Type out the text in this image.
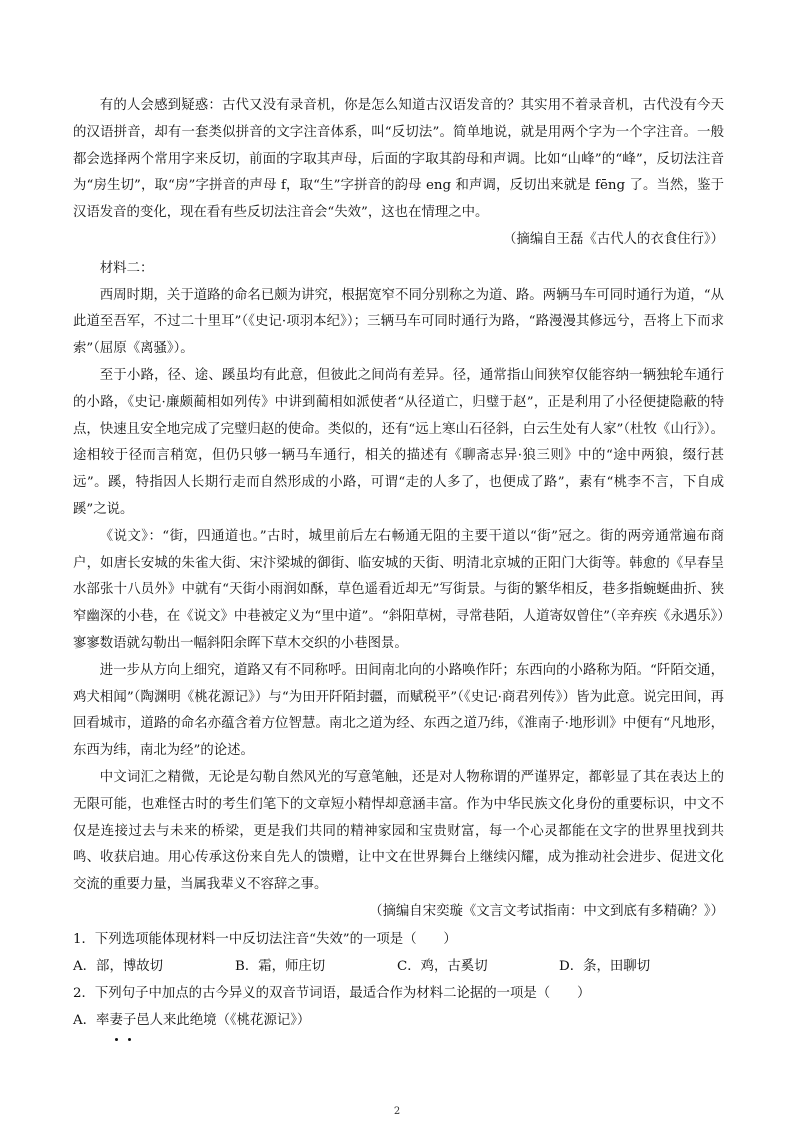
有的人会感到疑惑：古代又没有录音机，你是怎么知道古汉语发音的？其实用不着录音机，古代没有今天的汉语拼音，却有一套类似拼音的文字注音体系，叫“反切法”。简单地说，就是用两个字为一个字注音。一般都会选择两个常用字来反切，前面的字取其声母，后面的字取其韵母和声调。比如“山峰”的“峰”，反切法注音为“房生切”，取“房”字拼音的声母 f，取“生”字拼音的韵母 eng 和声调，反切出来就是 fēng 了。当然，鉴于汉语发音的变化，现在看有些反切法注音会“失效”，这也在情理之中。

（摘编自王磊《古代人的衣食住行》）

材料二：

西周时期，关于道路的命名已颇为讲究，根据宽窄不同分别称之为道、路。两辆马车可同时通行为道，“从此道至吾军，不过二十里耳”（《史记·项羽本纪》）；三辆马车可同时通行为路，“路漫漫其修远兮，吾将上下而求索”（屈原《离骚》）。

至于小路，径、途、蹊虽均有此意，但彼此之间尚有差异。径，通常指山间狭窄仅能容纳一辆独轮车通行的小路，《史记·廉颇蔺相如列传》中讲到蔺相如派使者“从径道亡，归璧于赵”，正是利用了小径便捷隐蔽的特点，快速且安全地完成了完璧归赵的使命。类似的，还有“远上寒山石径斜，白云生处有人家”（杜牧《山行》）。途相较于径而言稍宽，但仍只够一辆马车通行，相关的描述有《聊斋志异·狼三则》中的“途中两狼，缀行甚远”。蹊，特指因人长期行走而自然形成的小路，可谓“走的人多了，也便成了路”，素有“桃李不言，下自成蹊”之说。

《说文》：“街，四通道也。”古时，城里前后左右畅通无阻的主要干道以“街”冠之。街的两旁通常遍布商户，如唐长安城的朱雀大街、宋汴梁城的御街、临安城的天街、明清北京城的正阳门大街等。韩愈的《早春呈水部张十八员外》中就有“天街小雨润如酥，草色遥看近却无”写街景。与街的繁华相反，巷多指蜿蜒曲折、狭窄幽深的小巷，在《说文》中巷被定义为“里中道”。“斜阳草树，寻常巷陌，人道寄奴曾住”（辛弃疾《永遇乐》）寥寥数语就勾勒出一幅斜阳余晖下草木交织的小巷图景。

进一步从方向上细究，道路又有不同称呼。田间南北向的小路唤作阡；东西向的小路称为陌。“阡陌交通，鸡犬相闻”（陶渊明《桃花源记》）与“为田开阡陌封疆，而赋税平”（《史记·商君列传》）皆为此意。说完田间，再回看城市，道路的命名亦蕴含着方位智慧。南北之道为经、东西之道乃纬，《淮南子·地形训》中便有“凡地形，东西为纬，南北为经”的论述。

中文词汇之精微，无论是勾勒自然风光的写意笔触，还是对人物称谓的严谨界定，都彰显了其在表达上的无限可能，也难怪古时的考生们笔下的文章短小精悍却意涵丰富。作为中华民族文化身份的重要标识，中文不仅是连接过去与未来的桥梁，更是我们共同的精神家园和宝贵财富，每一个心灵都能在文字的世界里找到共鸣、收获启迪。用心传承这份来自先人的馈赠，让中文在世界舞台上继续闪耀，成为推动社会进步、促进文化交流的重要力量，当属我辈义不容辞之事。

（摘编自宋奕璇《文言文考试指南：中文到底有多精确？》）

1．下列选项能体现材料一中反切法注音“失效”的一项是（　　）

A．部，博故切	B．霜，师庄切	C．鸡，古奚切	D．条，田聊切

2．下列句子中加点的古今异义的双音节词语，最适合作为材料二论据的一项是（　　）

A．率妻子邑人来此绝境（《桃花源记》）

2
